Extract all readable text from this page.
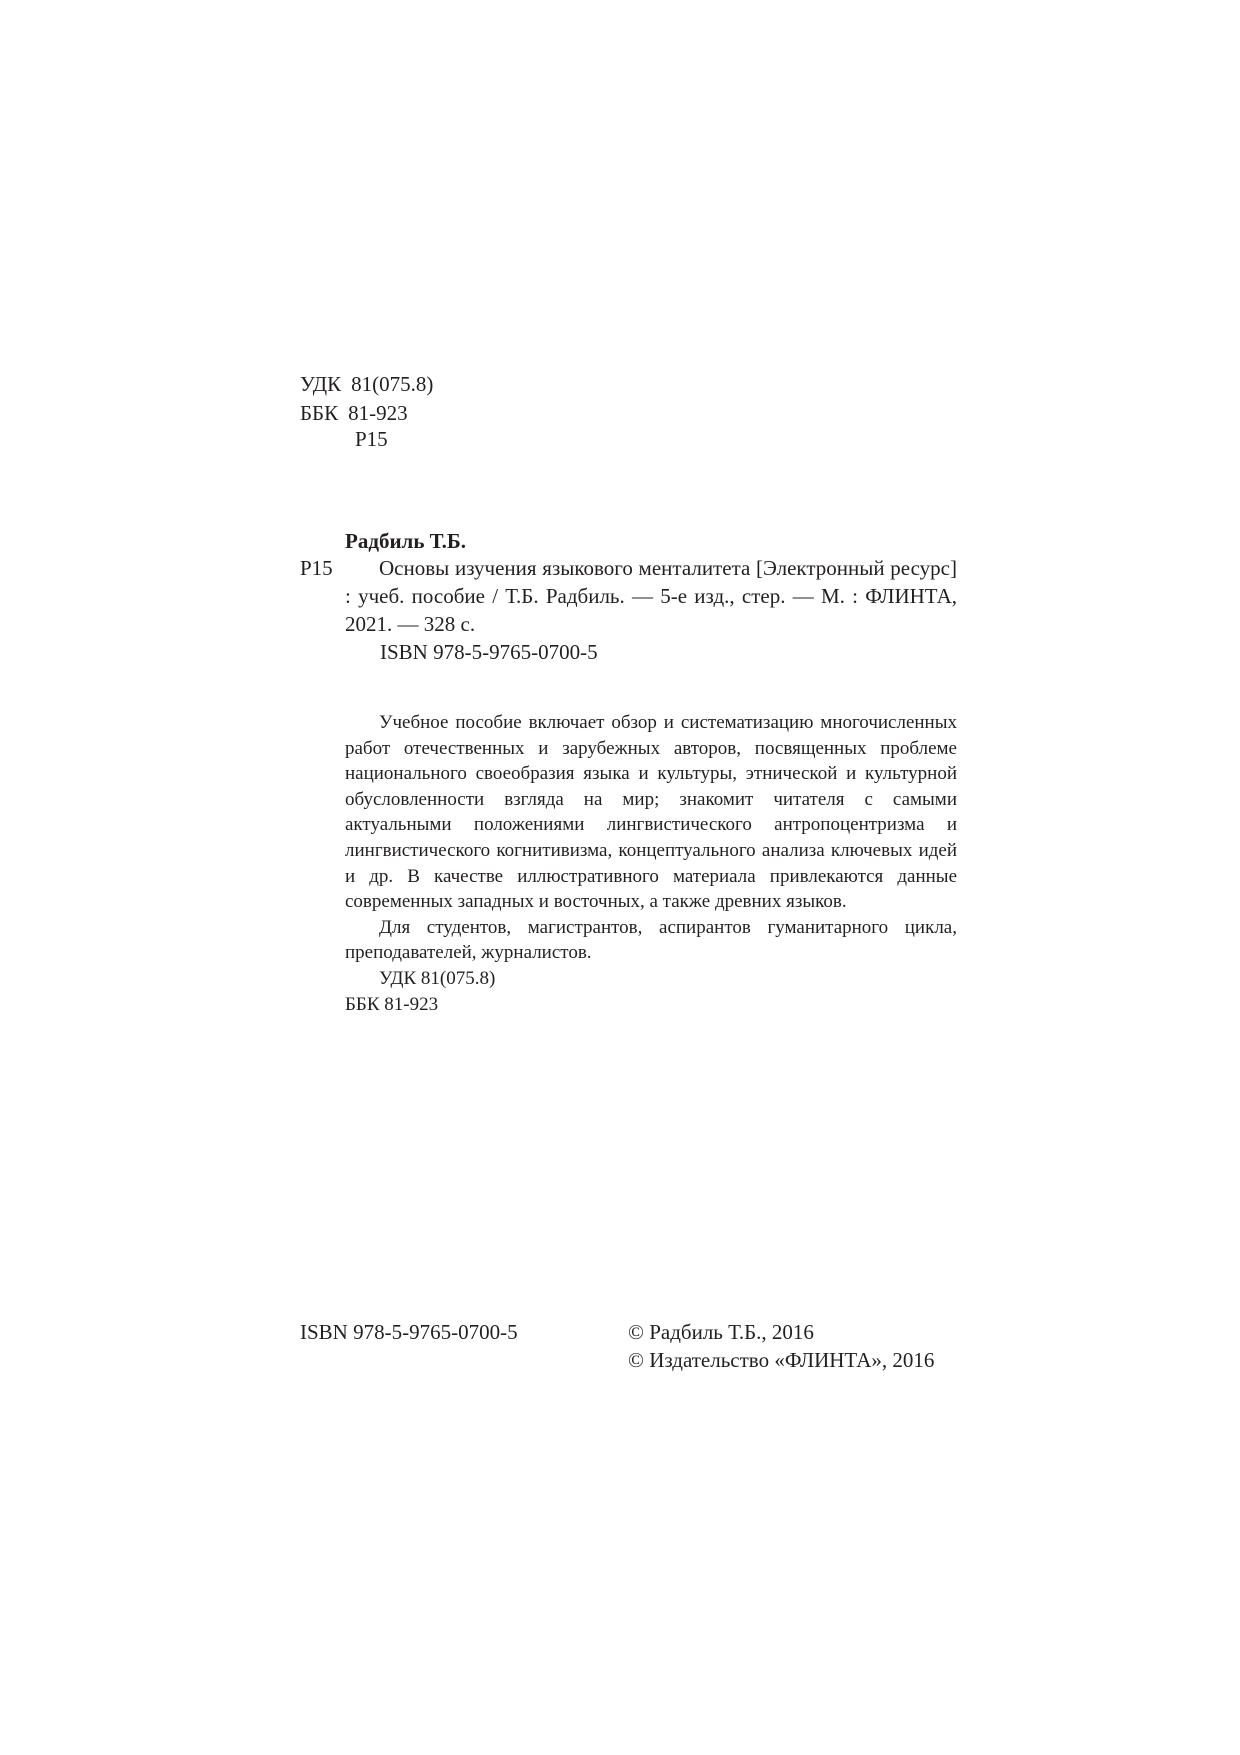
УДК 81(075.8)
ББК 81-923
Р15
Радбиль Т.Б.
Р15	Основы изучения языкового менталитета [Электронный ресурс] : учеб. пособие / Т.Б. Радбиль. — 5-е изд., стер. — М. : ФЛИНТА, 2021. — 328 с.
ISBN 978-5-9765-0700-5

Учебное пособие включает обзор и систематизацию многочисленных работ отечественных и зарубежных авторов, посвященных проблеме национального своеобразия языка и культуры, этнической и культурной обусловленности взгляда на мир; знакомит читателя с самыми актуальными положениями лингвистического антропоцентризма и лингвистического когнитивизма, концептуального анализа ключевых идей и др. В качестве иллюстративного материала привлекаются данные современных западных и восточных, а также древних языков.

Для студентов, магистрантов, аспирантов гуманитарного цикла, преподавателей, журналистов.

УДК 81(075.8)

ББК 81-923

ISBN 978-5-9765-0700-5	© Радбиль Т.Б., 2016
© Издательство «ФЛИНТА», 2016
